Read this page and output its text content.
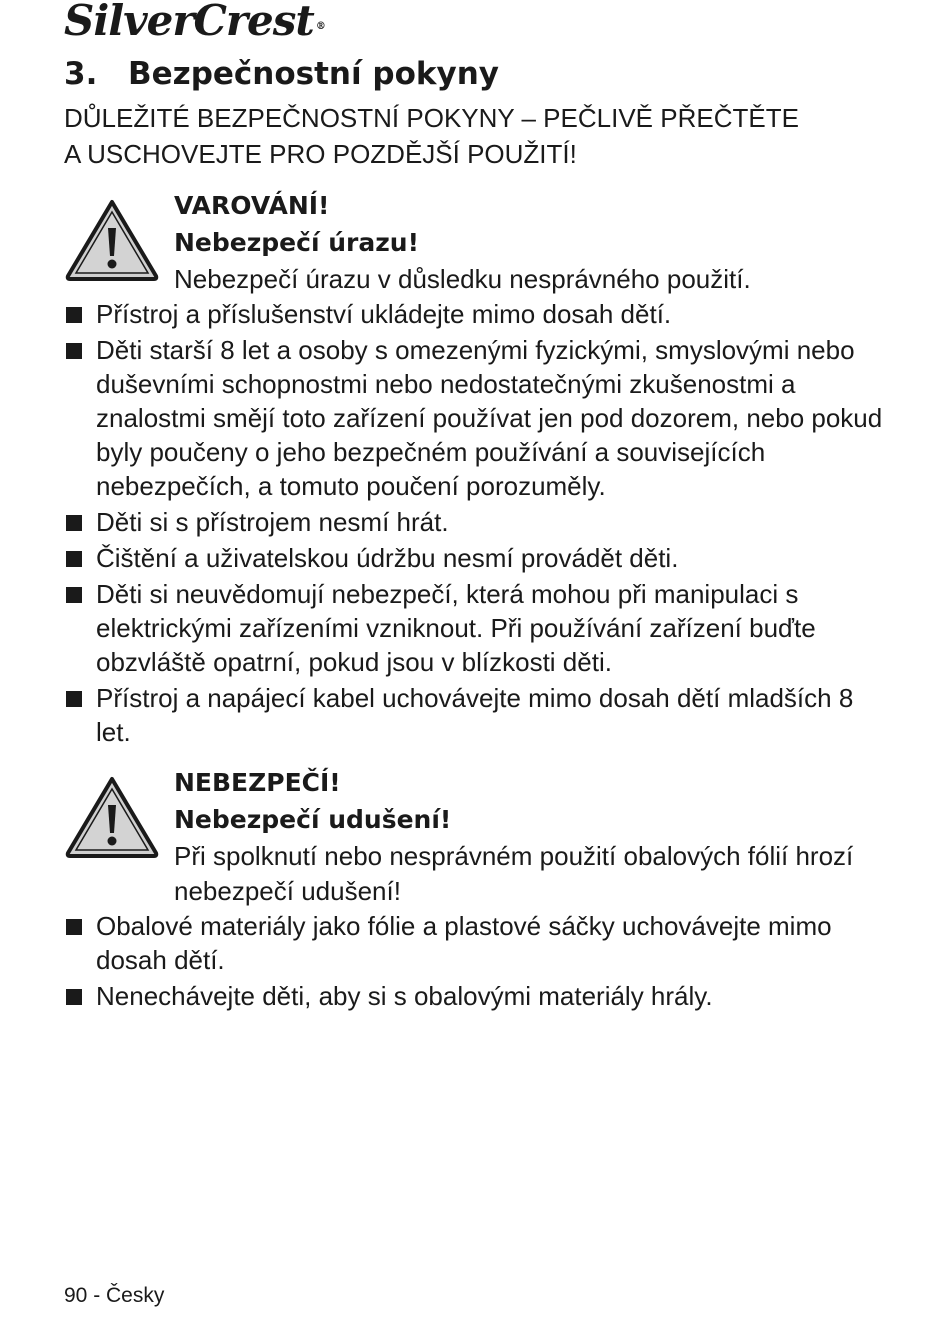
SilverCrest ®
3. Bezpečnostní pokyny
DŮLEŽITÉ BEZPEČNOSTNÍ POKYNY – PEČLIVĚ PŘEČTĚTE
A USCHOVEJTE PRO POZDĚJŠÍ POUŽITÍ!
VAROVÁNÍ!
Nebezpečí úrazu!
Nebezpečí úrazu v důsledku nesprávného použití.
Přístroj a příslušenství ukládejte mimo dosah dětí.
Děti starší 8 let a osoby s omezenými fyzickými, smyslovými nebo duševními schopnostmi nebo nedostatečnými zkušenostmi a znalostmi smějí toto zařízení používat jen pod dozorem, nebo pokud byly poučeny o jeho bezpečném používání a souvisejících nebezpečích, a tomuto poučení porozuměly.
Děti si s přístrojem nesmí hrát.
Čištění a uživatelskou údržbu nesmí provádět děti.
Děti si neuvědomují nebezpečí, která mohou při manipulaci s elektrickými zařízeními vzniknout. Při používání zařízení buďte obzvláště opatrní, pokud jsou v blízkosti děti.
Přístroj a napájecí kabel uchovávejte mimo dosah dětí mladších 8 let.
NEBEZPEČÍ!
Nebezpečí udušení!
Při spolknutí nebo nesprávném použití obalových fólií hrozí nebezpečí udušení!
Obalové materiály jako fólie a plastové sáčky uchovávejte mimo dosah dětí.
Nenechávejte děti, aby si s obalovými materiály hrály.
90 - Česky
